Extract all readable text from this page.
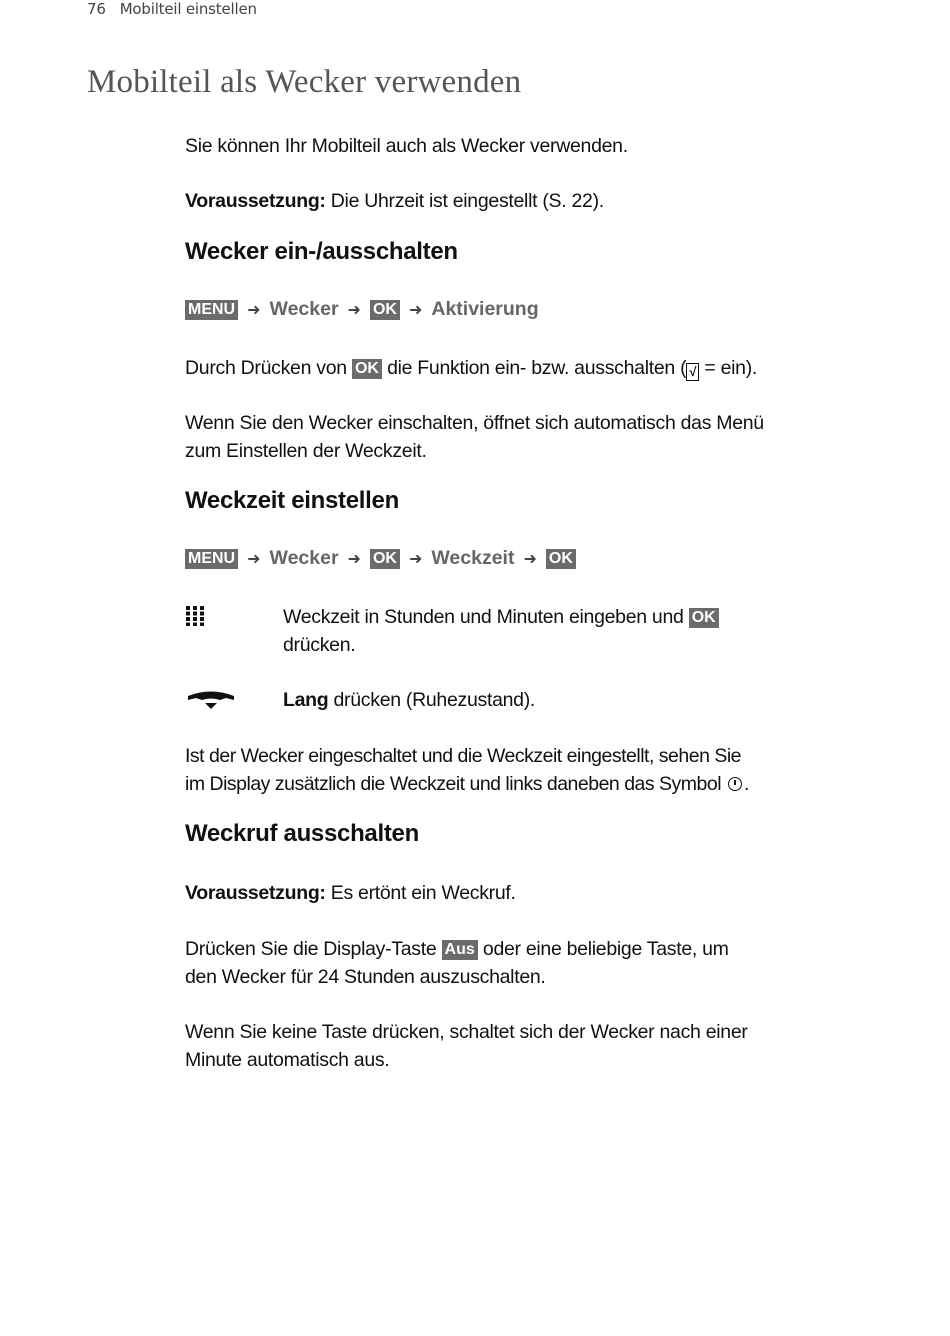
76 Mobilteil einstellen
Mobilteil als Wecker verwenden
Sie können Ihr Mobilteil auch als Wecker verwenden.
Voraussetzung: Die Uhrzeit ist eingestellt (S. 22).
Wecker ein-/ausschalten
MENU ➜ Wecker ➜ OK ➜ Aktivierung
Durch Drücken von OK die Funktion ein- bzw. ausschalten ( √ = ein).
Wenn Sie den Wecker einschalten, öffnet sich automatisch das Menü zum Einstellen der Weckzeit.
Weckzeit einstellen
MENU ➜ Wecker ➜ OK ➜ Weckzeit ➜ OK
Weckzeit in Stunden und Minuten eingeben und OK drücken.
Lang drücken (Ruhezustand).
Ist der Wecker eingeschaltet und die Weckzeit eingestellt, sehen Sie im Display zusätzlich die Weckzeit und links daneben das Symbol .
Weckruf ausschalten
Voraussetzung: Es ertönt ein Weckruf.
Drücken Sie die Display-Taste Aus oder eine beliebige Taste, um den Wecker für 24 Stunden auszuschalten.
Wenn Sie keine Taste drücken, schaltet sich der Wecker nach einer Minute automatisch aus.
